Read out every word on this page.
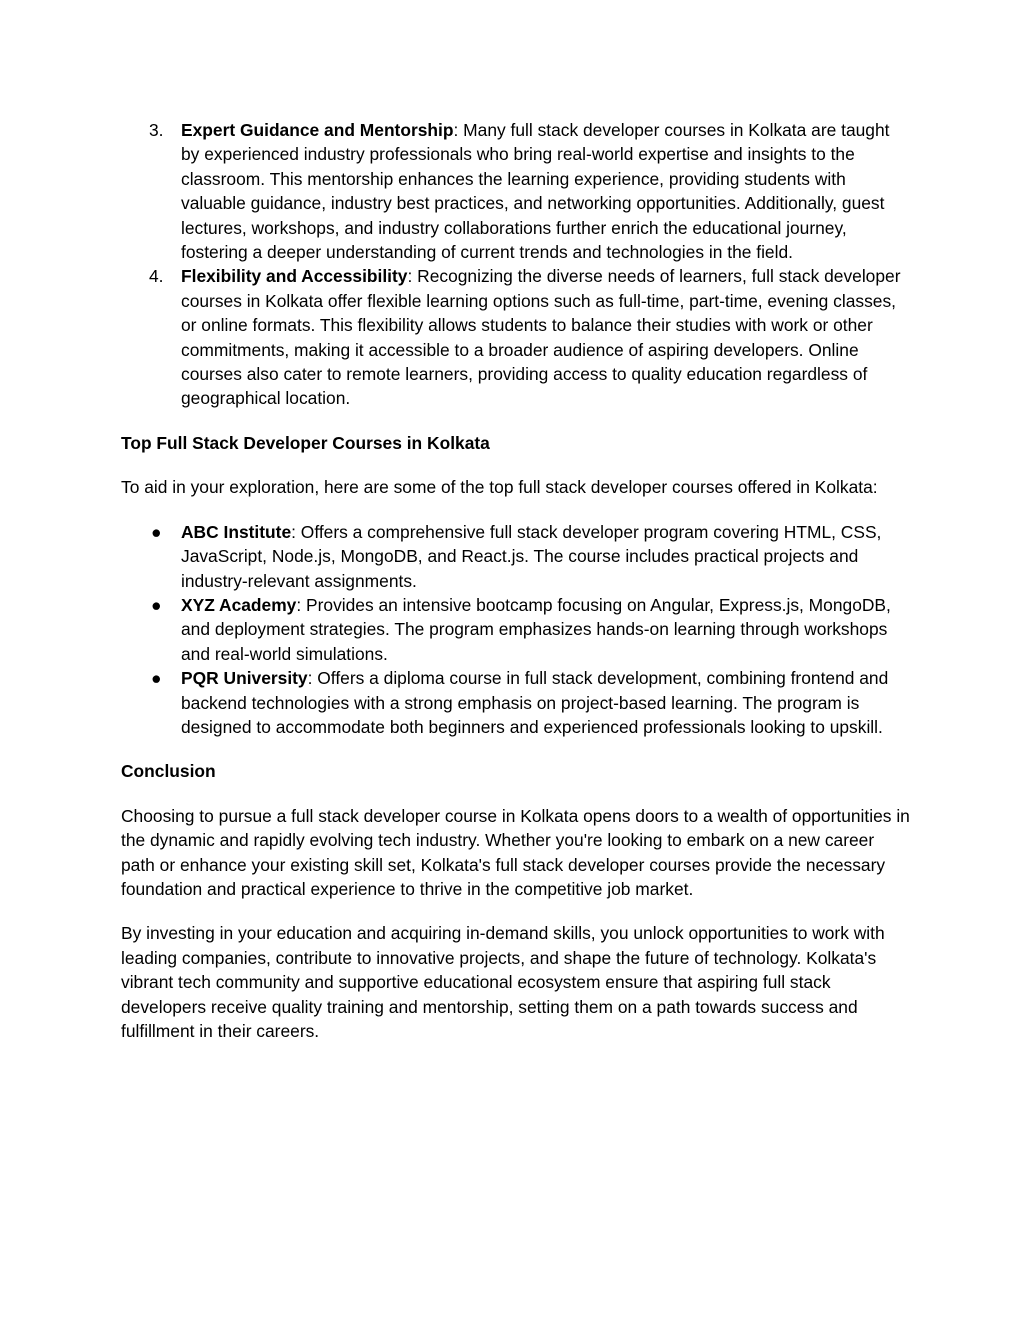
3. Expert Guidance and Mentorship: Many full stack developer courses in Kolkata are taught by experienced industry professionals who bring real-world expertise and insights to the classroom. This mentorship enhances the learning experience, providing students with valuable guidance, industry best practices, and networking opportunities. Additionally, guest lectures, workshops, and industry collaborations further enrich the educational journey, fostering a deeper understanding of current trends and technologies in the field.
4. Flexibility and Accessibility: Recognizing the diverse needs of learners, full stack developer courses in Kolkata offer flexible learning options such as full-time, part-time, evening classes, or online formats. This flexibility allows students to balance their studies with work or other commitments, making it accessible to a broader audience of aspiring developers. Online courses also cater to remote learners, providing access to quality education regardless of geographical location.

Top Full Stack Developer Courses in Kolkata

To aid in your exploration, here are some of the top full stack developer courses offered in Kolkata:

● ABC Institute: Offers a comprehensive full stack developer program covering HTML, CSS, JavaScript, Node.js, MongoDB, and React.js. The course includes practical projects and industry-relevant assignments.
● XYZ Academy: Provides an intensive bootcamp focusing on Angular, Express.js, MongoDB, and deployment strategies. The program emphasizes hands-on learning through workshops and real-world simulations.
● PQR University: Offers a diploma course in full stack development, combining frontend and backend technologies with a strong emphasis on project-based learning. The program is designed to accommodate both beginners and experienced professionals looking to upskill.

Conclusion

Choosing to pursue a full stack developer course in Kolkata opens doors to a wealth of opportunities in the dynamic and rapidly evolving tech industry. Whether you're looking to embark on a new career path or enhance your existing skill set, Kolkata's full stack developer courses provide the necessary foundation and practical experience to thrive in the competitive job market.

By investing in your education and acquiring in-demand skills, you unlock opportunities to work with leading companies, contribute to innovative projects, and shape the future of technology. Kolkata's vibrant tech community and supportive educational ecosystem ensure that aspiring full stack developers receive quality training and mentorship, setting them on a path towards success and fulfillment in their careers.
